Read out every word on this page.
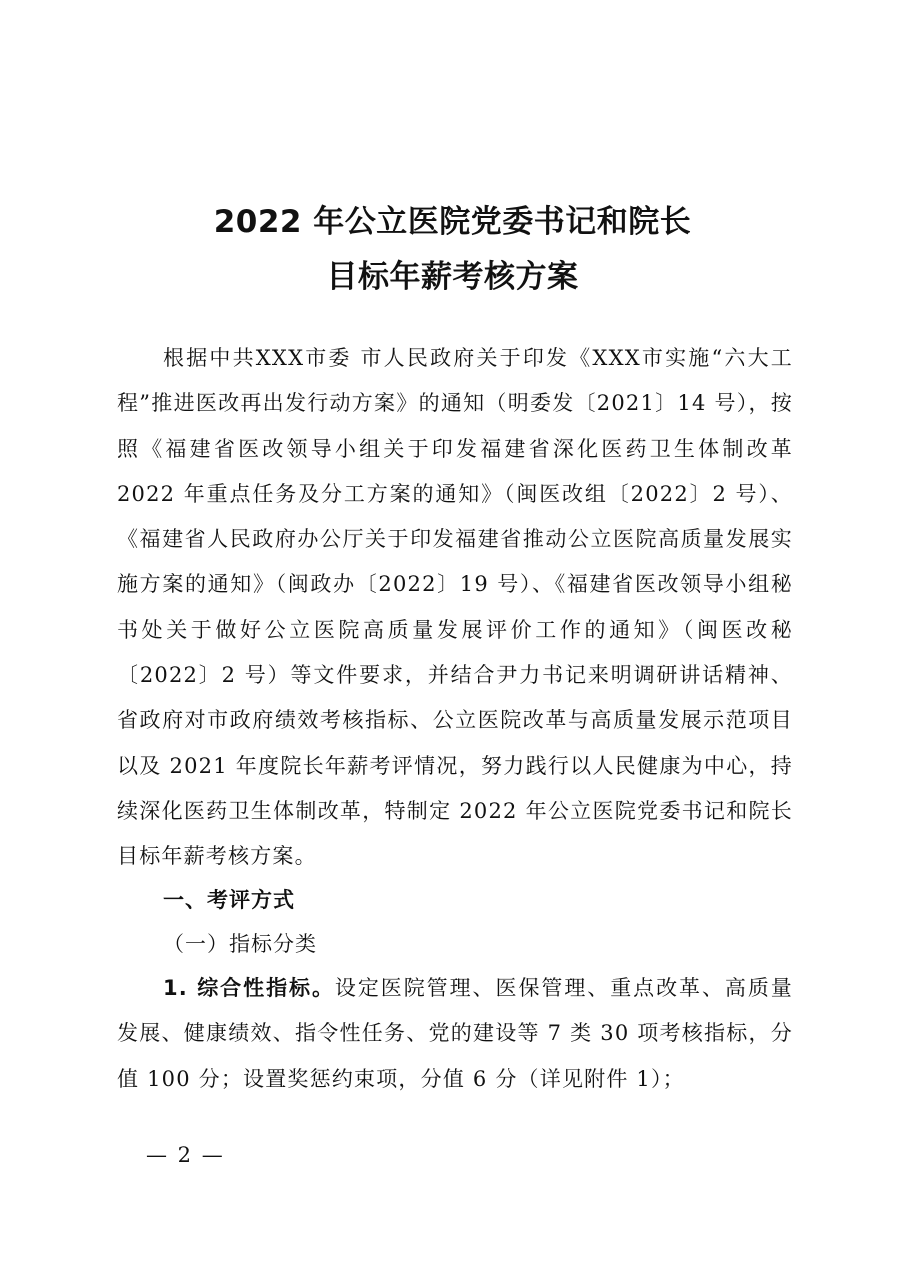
2022 年公立医院党委书记和院长
目标年薪考核方案

根据中共XXX市委 市人民政府关于印发《XXX市实施“六大工程”推进医改再出发行动方案》的通知（明委发〔2021〕14 号），按照《福建省医改领导小组关于印发福建省深化医药卫生体制改革 2022 年重点任务及分工方案的通知》（闽医改组〔2022〕2 号）、《福建省人民政府办公厅关于印发福建省推动公立医院高质量发展实施方案的通知》（闽政办〔2022〕19 号）、《福建省医改领导小组秘书处关于做好公立医院高质量发展评价工作的通知》（闽医改秘〔2022〕2 号）等文件要求，并结合尹力书记来明调研讲话精神、省政府对市政府绩效考核指标、公立医院改革与高质量发展示范项目以及 2021 年度院长年薪考评情况，努力践行以人民健康为中心，持续深化医药卫生体制改革，特制定 2022 年公立医院党委书记和院长目标年薪考核方案。

一、考评方式
（一）指标分类

1. 综合性指标。设定医院管理、医保管理、重点改革、高质量发展、健康绩效、指令性任务、党的建设等 7 类 30 项考核指标，分值 100 分；设置奖惩约束项，分值 6 分（详见附件 1）；

— 2 —
